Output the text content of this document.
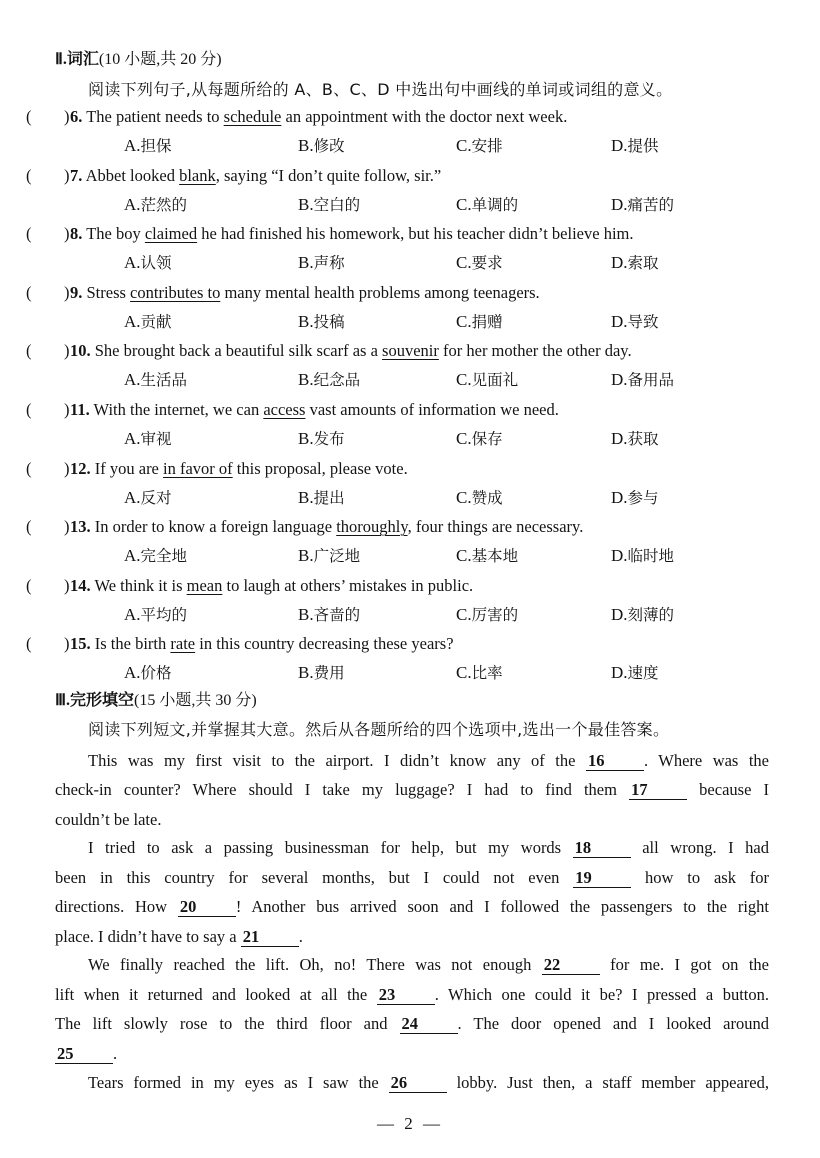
Ⅱ.词汇(10 小题,共 20 分)
阅读下列句子,从每题所给的 A、B、C、D 中选出句中画线的单词或词组的意义。
( ) 6. The patient needs to schedule an appointment with the doctor next week.
A.担保	B.修改	C.安排	D.提供
( ) 7. Abbet looked blank, saying “I don’t quite follow, sir.”
A.茫然的	B.空白的	C.单调的	D.痛苦的
( ) 8. The boy claimed he had finished his homework, but his teacher didn’t believe him.
A.认领	B.声称	C.要求	D.索取
( ) 9. Stress contributes to many mental health problems among teenagers.
A.贡献	B.投稿	C.捐赠	D.导致
( ) 10. She brought back a beautiful silk scarf as a souvenir for her mother the other day.
A.生活品	B.纪念品	C.见面礼	D.备用品
( ) 11. With the internet, we can access vast amounts of information we need.
A.审视	B.发布	C.保存	D.获取
( ) 12. If you are in favor of this proposal, please vote.
A.反对	B.提出	C.赞成	D.参与
( ) 13. In order to know a foreign language thoroughly, four things are necessary.
A.完全地	B.广泛地	C.基本地	D.临时地
( ) 14. We think it is mean to laugh at others’ mistakes in public.
A.平均的	B.吝啬的	C.厉害的	D.刻薄的
( ) 15. Is the birth rate in this country decreasing these years?
A.价格	B.费用	C.比率	D.速度
Ⅲ.完形填空(15 小题,共 30 分)
阅读下列短文,并掌握其大意。然后从各题所给的四个选项中,选出一个最佳答案。
This was my first visit to the airport. I didn’t know any of the 16 . Where was the
check-in counter? Where should I take my luggage? I had to find them 17 because I
couldn’t be late.
I tried to ask a passing businessman for help, but my words 18 all wrong. I had
been in this country for several months, but I could not even 19 how to ask for
directions. How 20 ! Another bus arrived soon and I followed the passengers to the right
place. I didn’t have to say a 21 .
We finally reached the lift. Oh, no! There was not enough 22 for me. I got on the
lift when it returned and looked at all the 23 . Which one could it be? I pressed a button.
The lift slowly rose to the third floor and 24 . The door opened and I looked around
25 .
Tears formed in my eyes as I saw the 26 lobby. Just then, a staff member appeared,
— 2 —
